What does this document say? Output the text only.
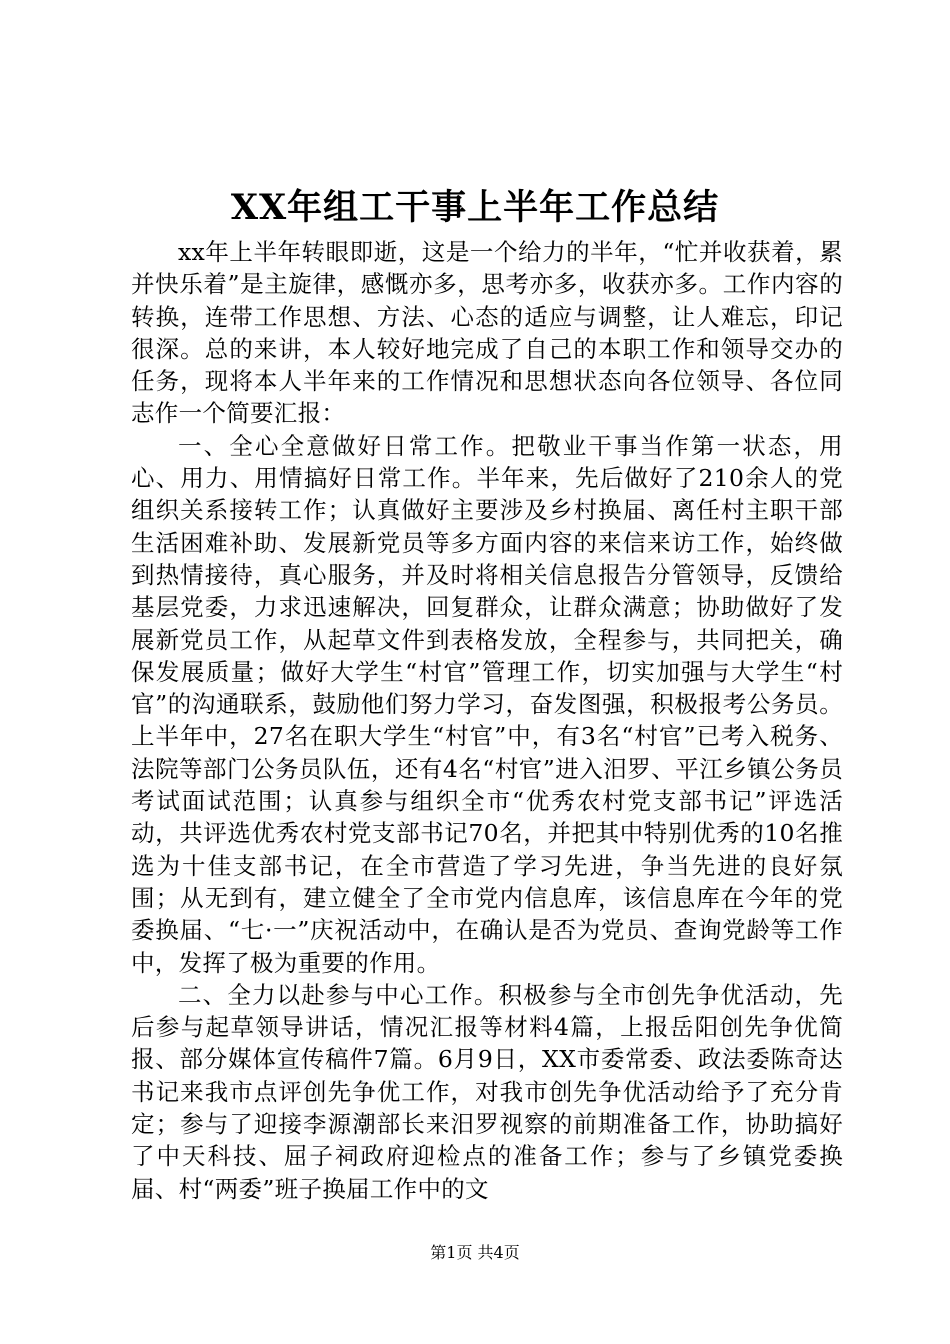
XX年组工干事上半年工作总结

xx年上半年转眼即逝，这是一个给力的半年，“忙并收获着，累并快乐着”是主旋律，感慨亦多，思考亦多，收获亦多。工作内容的转换，连带工作思想、方法、心态的适应与调整，让人难忘，印记很深。总的来讲，本人较好地完成了自己的本职工作和领导交办的任务，现将本人半年来的工作情况和思想状态向各位领导、各位同志作一个简要汇报：

一、全心全意做好日常工作。把敬业干事当作第一状态，用心、用力、用情搞好日常工作。半年来，先后做好了210余人的党组织关系接转工作；认真做好主要涉及乡村换届、离任村主职干部生活困难补助、发展新党员等多方面内容的来信来访工作，始终做到热情接待，真心服务，并及时将相关信息报告分管领导，反馈给基层党委，力求迅速解决，回复群众，让群众满意；协助做好了发展新党员工作，从起草文件到表格发放，全程参与，共同把关，确保发展质量；做好大学生“村官”管理工作，切实加强与大学生“村官”的沟通联系，鼓励他们努力学习，奋发图强，积极报考公务员。上半年中，27名在职大学生“村官”中，有3名“村官”已考入税务、法院等部门公务员队伍，还有4名“村官”进入汨罗、平江乡镇公务员考试面试范围；认真参与组织全市“优秀农村党支部书记”评选活动，共评选优秀农村党支部书记70名，并把其中特别优秀的10名推选为十佳支部书记，在全市营造了学习先进，争当先进的良好氛围；从无到有，建立健全了全市党内信息库，该信息库在今年的党委换届、“七·一”庆祝活动中，在确认是否为党员、查询党龄等工作中，发挥了极为重要的作用。

二、全力以赴参与中心工作。积极参与全市创先争优活动，先后参与起草领导讲话，情况汇报等材料4篇，上报岳阳创先争优简报、部分媒体宣传稿件7篇。6月9日，XX市委常委、政法委陈奇达书记来我市点评创先争优工作，对我市创先争优活动给予了充分肯定；参与了迎接李源潮部长来汨罗视察的前期准备工作，协助搞好了中天科技、屈子祠政府迎检点的准备工作；参与了乡镇党委换届、村“两委”班子换届工作中的文

第1页 共4页
